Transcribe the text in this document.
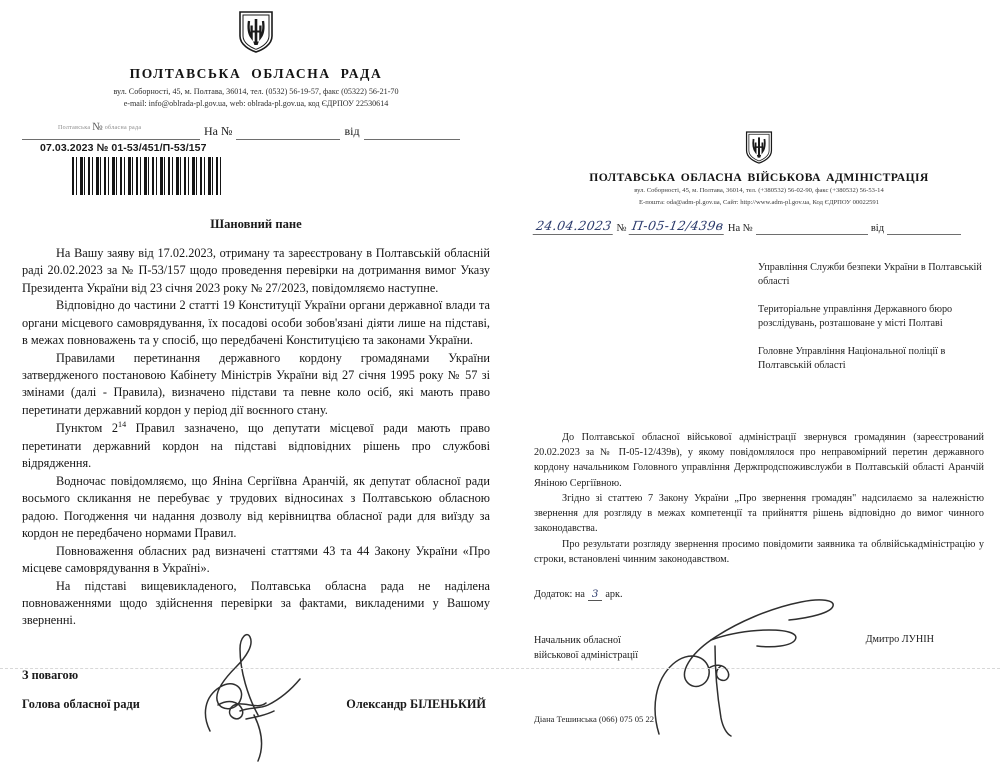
ПОЛТАВСЬКА ОБЛАСНА РАДА
вул. Соборності, 45, м. Полтава, 36014, тел. (0532) 56-19-57, факс (05322) 56-21-70
e-mail: info@oblrada-pl.gov.ua, web: oblrada-pl.gov.ua, код ЄДРПОУ 22530614
На №	від
Полтавська № обласна рада
07.03.2023 № 01-53/451/П-53/157
Шановний пане

На Вашу заяву від 17.02.2023, отриману та зареєстровану в Полтавській обласній раді 20.02.2023 за № П-53/157 щодо проведення перевірки на дотримання вимог Указу Президента України від 23 січня 2023 року № 27/2023, повідомляємо наступне.

Відповідно до частини 2 статті 19 Конституції України органи державної влади та органи місцевого самоврядування, їх посадові особи зобов'язані діяти лише на підставі, в межах повноважень та у спосіб, що передбачені Конституцією та законами України.

Правилами перетинання державного кордону громадянами України затвердженого постановою Кабінету Міністрів України від 27 січня 1995 року № 57 зі змінами (далі - Правила), визначено підстави та певне коло осіб, які мають право перетинати державний кордон у період дії воєнного стану.

Пунктом $2^{14}$ Правил зазначено, що депутати місцевої ради мають право перетинати державний кордон на підставі відповідних рішень про службові відрядження.

Водночас повідомляємо, що Яніна Сергіївна Аранчій, як депутат обласної ради восьмого скликання не перебуває у трудових відносинах з Полтавською обласною радою. Погодження чи надання дозволу від керівництва обласної ради для виїзду за кордон не передбачено нормами Правил.

Повноваження обласних рад визначені статтями 43 та 44 Закону України «Про місцеве самоврядування в Україні».

На підставі вищевикладеного, Полтавська обласна рада не наділена повноваженнями щодо здійснення перевірки за фактами, викладеними у Вашому зверненні.

З повагою
Голова обласної ради	Олександр БІЛЕНЬКИЙ
ПОЛТАВСЬКА ОБЛАСНА ВІЙСЬКОВА АДМІНІСТРАЦІЯ
вул. Соборності, 45, м. Полтава, 36014, тел. (+380532) 56-02-90, факс (+380532) 56-53-14
E-пошта: oda@adm-pl.gov.ua, Сайт: http://www.adm-pl.gov.ua, Код ЄДРПОУ 00022591
24.04.2023 № П-05-12/439в На №	від

Управління Служби безпеки України в Полтавській області

Територіальне управління Державного бюро розслідувань, розташоване у місті Полтаві

Головне Управління Національної поліції в Полтавській області

До Полтавської обласної військової адміністрації звернувся громадянин (зареєстрований 20.02.2023 за № П-05-12/439в), у якому повідомлялося про неправомірний перетин державного кордону начальником Головного управління Держпродспоживслужби в Полтавській області Аранчій Яніною Сергіївною.

Згідно зі статтею 7 Закону України „Про звернення громадян" надсилаємо за належністю звернення для розгляду в межах компетенції та прийняття рішень відповідно до вимог чинного законодавства.

Про результати розгляду звернення просимо повідомити заявника та облвійськадміністрацію у строки, встановлені чинним законодавством.

Додаток: на 3 арк.
Начальник обласної
військової адміністрації
Дмитро ЛУНІН
Діана Тешинська (066) 075 05 22
